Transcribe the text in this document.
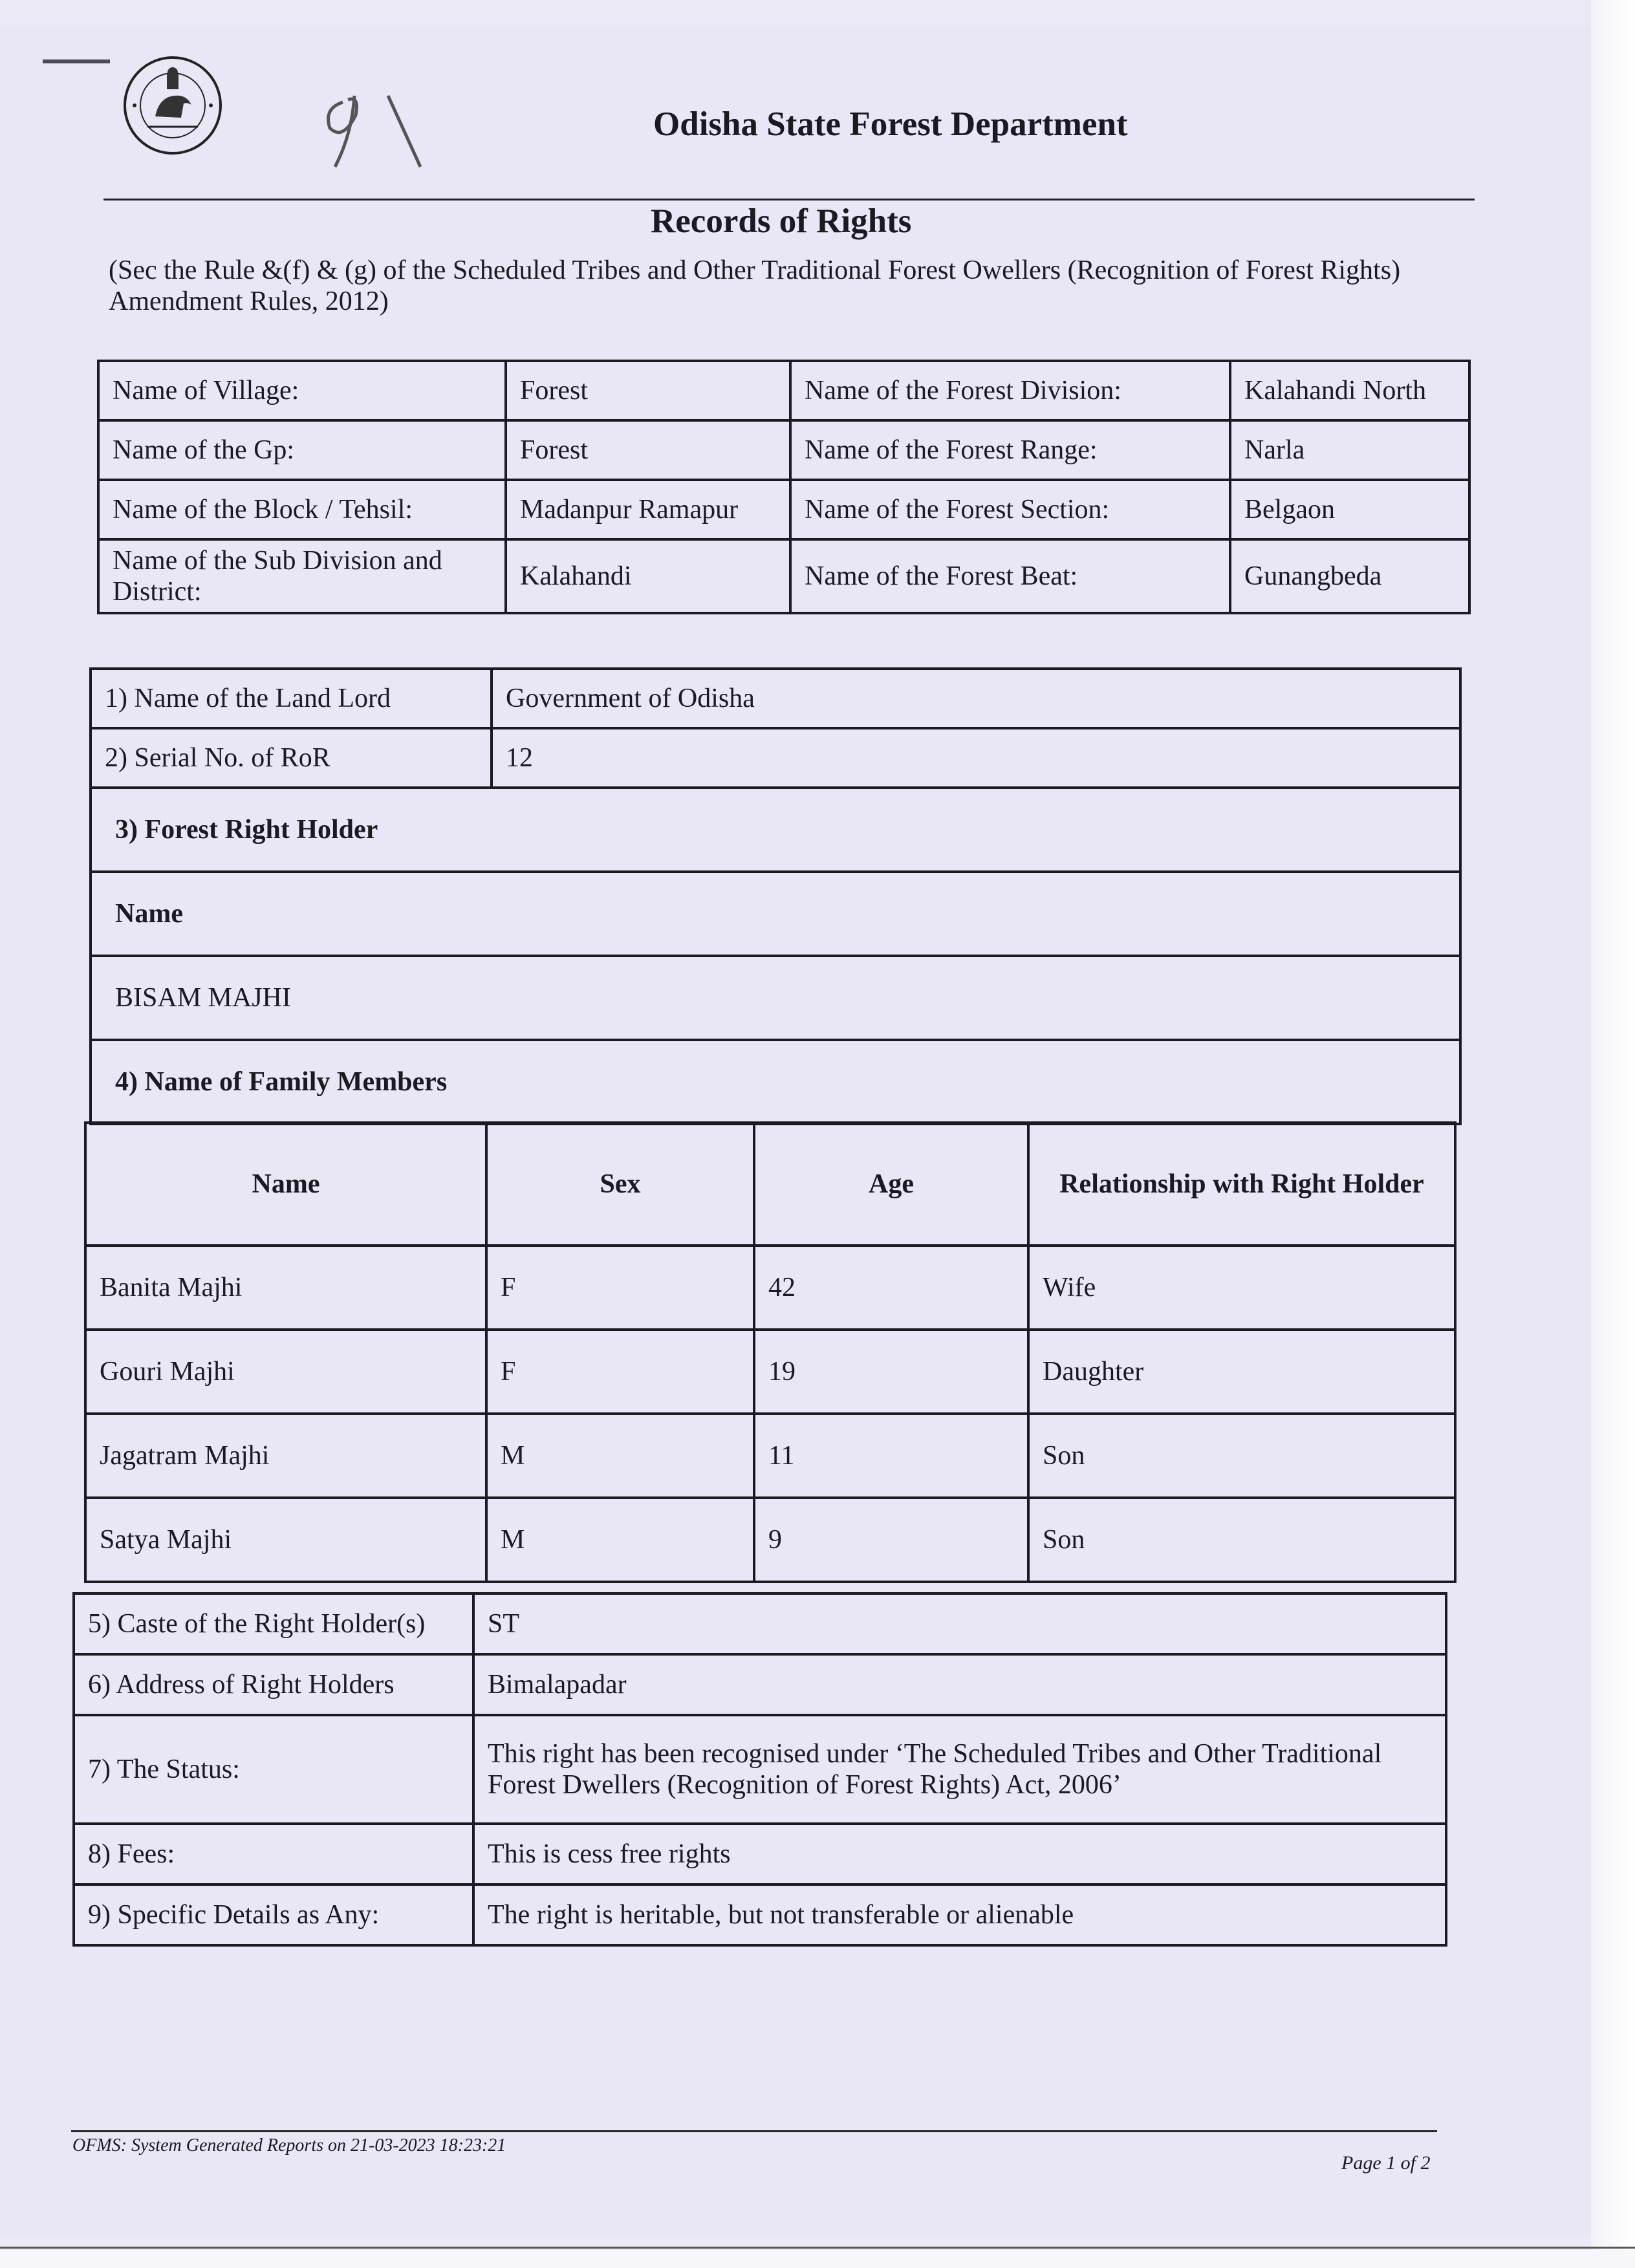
Odisha State Forest Department
Records of Rights
(Sec the Rule &(f) & (g) of the Scheduled Tribes and Other Traditional Forest Owellers (Recognition of Forest Rights) Amendment Rules, 2012)
Name of Village:	Forest	Name of the Forest Division:	Kalahandi North
Name of the Gp:	Forest	Name of the Forest Range:	Narla
Name of the Block / Tehsil:	Madanpur Ramapur	Name of the Forest Section:	Belgaon
Name of the Sub Division and District:	Kalahandi	Name of the Forest Beat:	Gunangbeda
1) Name of the Land Lord	Government of Odisha
2) Serial No. of RoR	12
3) Forest Right Holder	
Name	
BISAM MAJHI	
4) Name of Family Members	
Name	Sex	Age	Relationship with Right Holder
Banita Majhi	F	42	Wife
Gouri Majhi	F	19	Daughter
Jagatram Majhi	M	11	Son
Satya Majhi	M	9	Son
5) Caste of the Right Holder(s)	ST
6) Address of Right Holders	Bimalapadar
7) The Status:	This right has been recognised under ‘The Scheduled Tribes and Other Traditional
Forest Dwellers (Recognition of Forest Rights) Act, 2006’

8) Fees:	This is cess free rights
9) Specific Details as Any:	The right is heritable, but not transferable or alienable
OFMS: System Generated Reports on 21-03-2023 18:23:21
Page 1 of 2
